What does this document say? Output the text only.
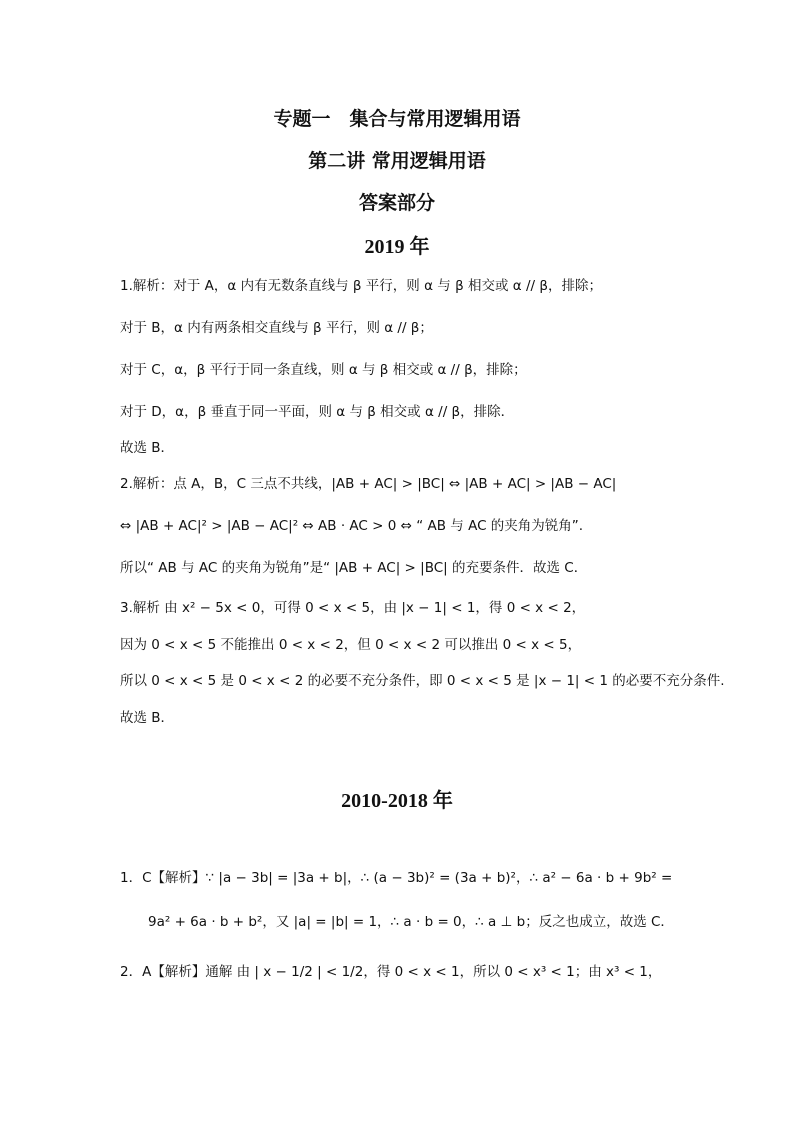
专题一　集合与常用逻辑用语
第二讲 常用逻辑用语
答案部分
2019 年
1.解析：对于 A，α 内有无数条直线与 β 平行，则 α 与 β 相交或 α // β，排除；
对于 B，α 内有两条相交直线与 β 平行，则 α // β；
对于 C，α，β 平行于同一条直线，则 α 与 β 相交或 α // β，排除；
对于 D，α，β 垂直于同一平面，则 α 与 β 相交或 α // β，排除．
故选 B．
2.解析：点 A，B，C 三点不共线，|AB + AC| > |BC| ⇔ |AB + AC| > |AB − AC|
⇔ |AB + AC|² > |AB − AC|² ⇔ AB · AC > 0 ⇔ “ AB 与 AC 的夹角为锐角”.
所以“ AB 与 AC 的夹角为锐角”是“ |AB + AC| > |BC| 的充要条件．故选 C．
3.解析 由 x² − 5x < 0，可得 0 < x < 5，由 |x − 1| < 1，得 0 < x < 2，
因为 0 < x < 5 不能推出 0 < x < 2，但 0 < x < 2 可以推出 0 < x < 5，
所以 0 < x < 5 是 0 < x < 2 的必要不充分条件，即 0 < x < 5 是 |x − 1| < 1 的必要不充分条件.
故选 B．
2010-2018 年
1．C【解析】∵ |a − 3b| = |3a + b|，∴ (a − 3b)² = (3a + b)²，∴ a² − 6a · b + 9b² =
9a² + 6a · b + b²，又 |a| = |b| = 1，∴ a · b = 0，∴ a ⊥ b；反之也成立，故选 C．
2．A【解析】通解 由 | x − 1/2 | < 1/2，得 0 < x < 1，所以 0 < x³ < 1；由 x³ < 1，
